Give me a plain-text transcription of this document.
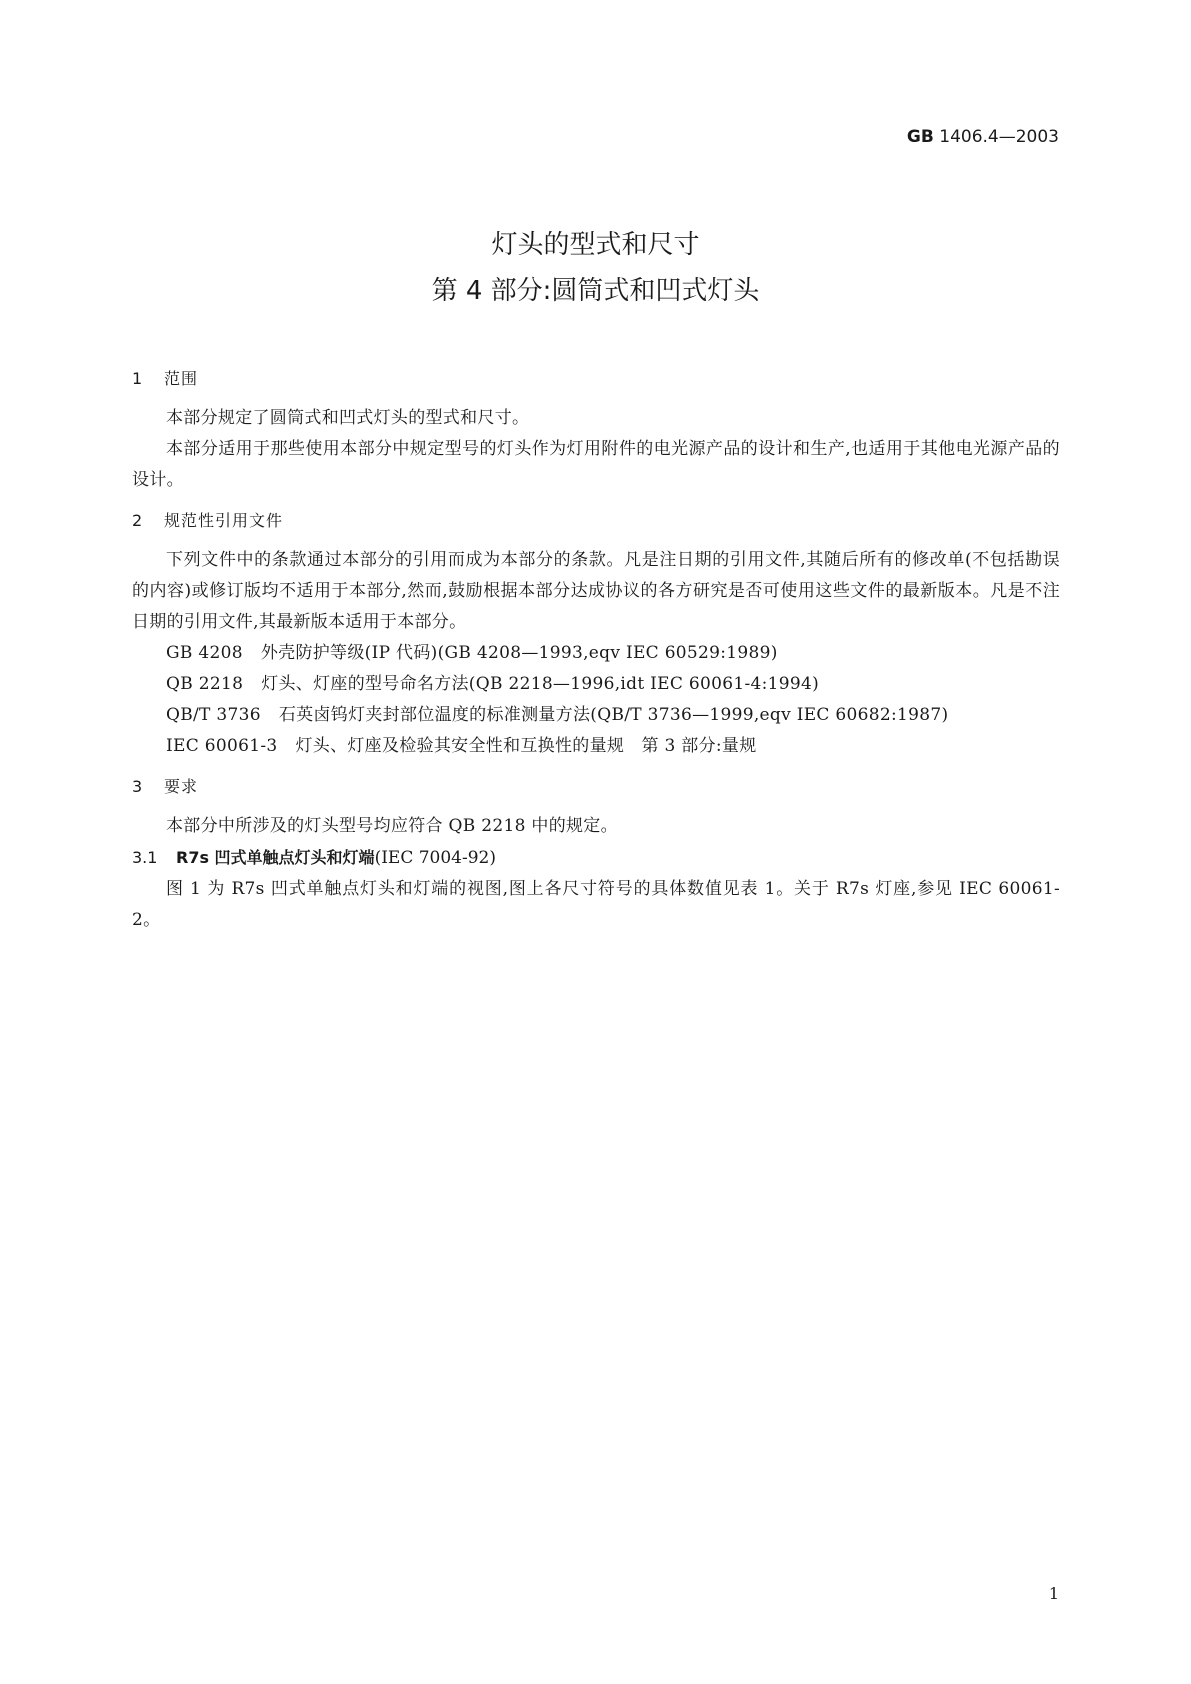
GB 1406.4—2003
灯头的型式和尺寸
第 4 部分:圆筒式和凹式灯头
1 范围

本部分规定了圆筒式和凹式灯头的型式和尺寸。

本部分适用于那些使用本部分中规定型号的灯头作为灯用附件的电光源产品的设计和生产,也适用于其他电光源产品的设计。

2 规范性引用文件

下列文件中的条款通过本部分的引用而成为本部分的条款。凡是注日期的引用文件,其随后所有的修改单(不包括勘误的内容)或修订版均不适用于本部分,然而,鼓励根据本部分达成协议的各方研究是否可使用这些文件的最新版本。凡是不注日期的引用文件,其最新版本适用于本部分。

GB 4208 外壳防护等级(IP 代码)(GB 4208—1993,eqv IEC 60529:1989)

QB 2218 灯头、灯座的型号命名方法(QB 2218—1996,idt IEC 60061-4:1994)

QB/T 3736 石英卤钨灯夹封部位温度的标准测量方法(QB/T 3736—1999,eqv IEC 60682:1987)

IEC 60061-3 灯头、灯座及检验其安全性和互换性的量规　第 3 部分:量规

3 要求

本部分中所涉及的灯头型号均应符合 QB 2218 中的规定。

3.1 R7s 凹式单触点灯头和灯端(IEC 7004-92)

图 1 为 R7s 凹式单触点灯头和灯端的视图,图上各尺寸符号的具体数值见表 1。关于 R7s 灯座,参见 IEC 60061-2。

1
